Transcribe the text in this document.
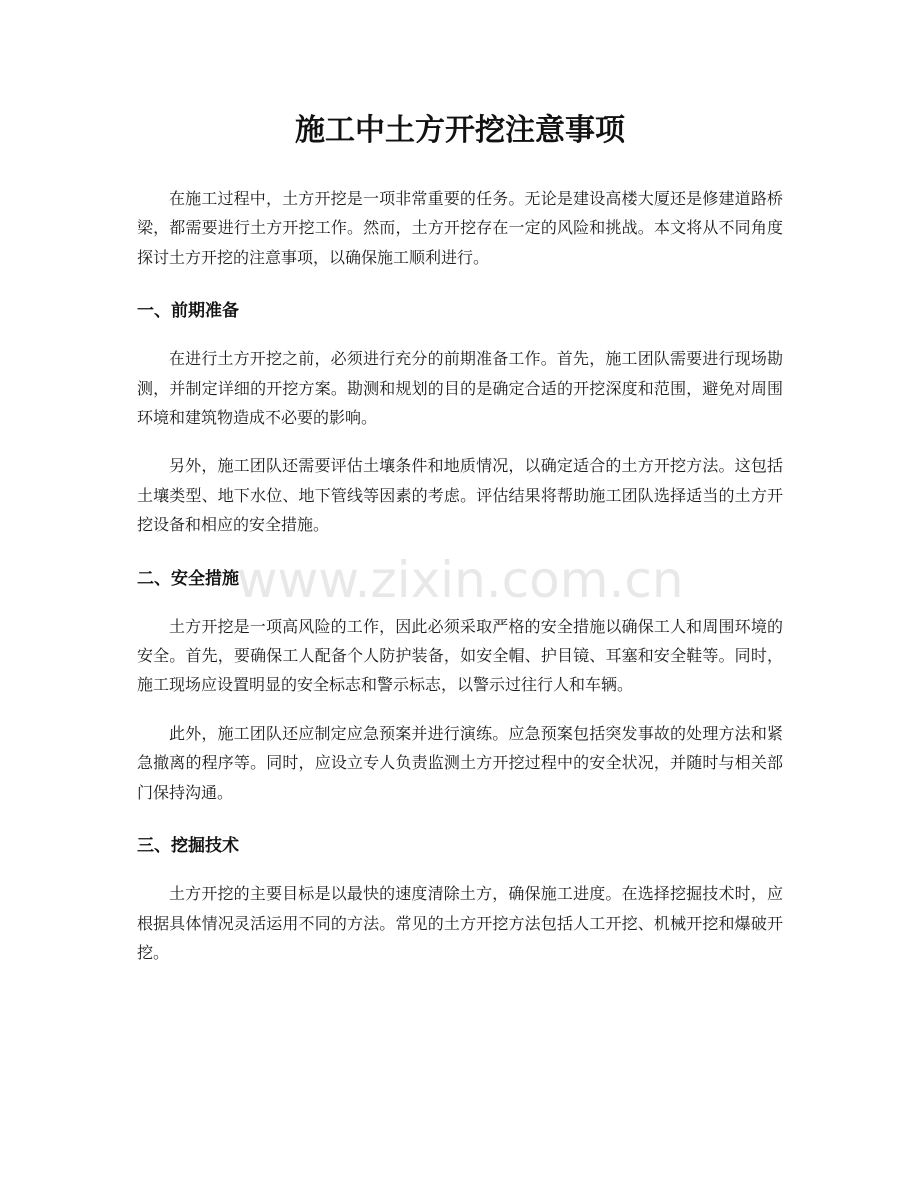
施工中土方开挖注意事项

在施工过程中，土方开挖是一项非常重要的任务。无论是建设高楼大厦还是修建道路桥梁，都需要进行土方开挖工作。然而，土方开挖存在一定的风险和挑战。本文将从不同角度探讨土方开挖的注意事项，以确保施工顺利进行。

一、前期准备

在进行土方开挖之前，必须进行充分的前期准备工作。首先，施工团队需要进行现场勘测，并制定详细的开挖方案。勘测和规划的目的是确定合适的开挖深度和范围，避免对周围环境和建筑物造成不必要的影响。

另外，施工团队还需要评估土壤条件和地质情况，以确定适合的土方开挖方法。这包括土壤类型、地下水位、地下管线等因素的考虑。评估结果将帮助施工团队选择适当的土方开挖设备和相应的安全措施。

二、安全措施

土方开挖是一项高风险的工作，因此必须采取严格的安全措施以确保工人和周围环境的安全。首先，要确保工人配备个人防护装备，如安全帽、护目镜、耳塞和安全鞋等。同时，施工现场应设置明显的安全标志和警示标志，以警示过往行人和车辆。

此外，施工团队还应制定应急预案并进行演练。应急预案包括突发事故的处理方法和紧急撤离的程序等。同时，应设立专人负责监测土方开挖过程中的安全状况，并随时与相关部门保持沟通。

三、挖掘技术

土方开挖的主要目标是以最快的速度清除土方，确保施工进度。在选择挖掘技术时，应根据具体情况灵活运用不同的方法。常见的土方开挖方法包括人工开挖、机械开挖和爆破开挖。

www.zixin.com.cn
